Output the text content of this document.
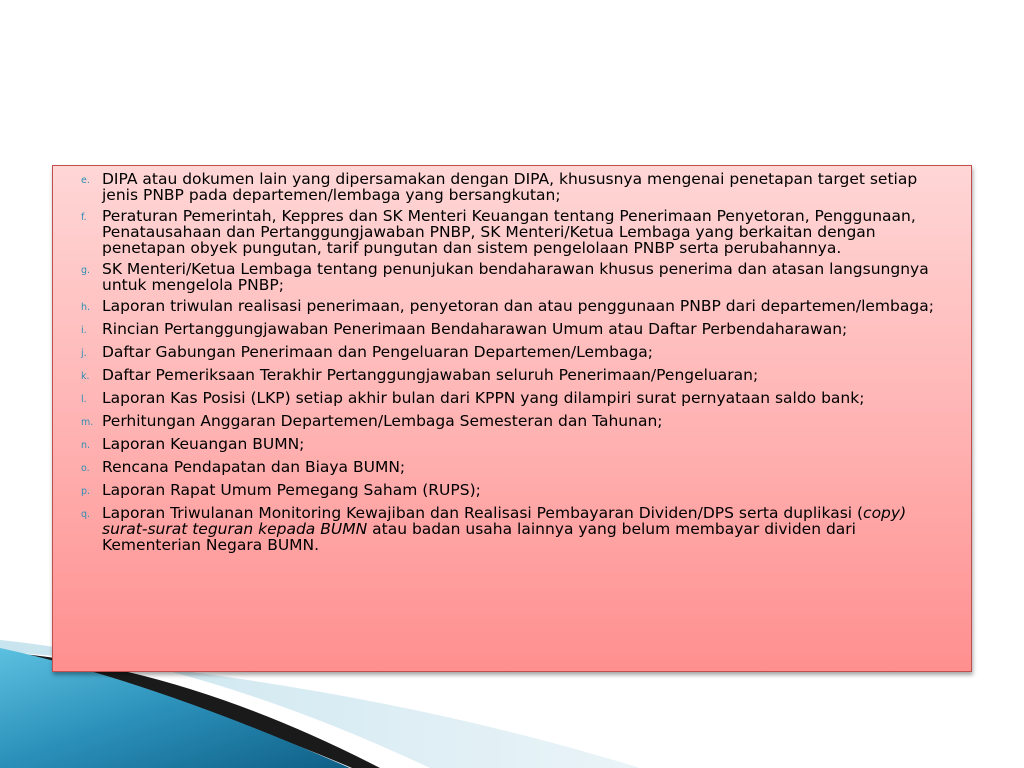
e. DIPA atau dokumen lain yang dipersamakan dengan DIPA, khususnya mengenai penetapan target setiap jenis PNBP pada departemen/lembaga yang bersangkutan;
f. Peraturan Pemerintah, Keppres dan SK Menteri Keuangan tentang Penerimaan Penyetoran, Penggunaan, Penatausahaan dan Pertanggungjawaban PNBP, SK Menteri/Ketua Lembaga yang berkaitan dengan penetapan obyek pungutan, tarif pungutan dan sistem pengelolaan PNBP serta perubahannya.
g. SK Menteri/Ketua Lembaga tentang penunjukan bendaharawan khusus penerima dan atasan langsungnya untuk mengelola PNBP;
h. Laporan triwulan realisasi penerimaan, penyetoran dan atau penggunaan PNBP dari departemen/lembaga;
i. Rincian Pertanggungjawaban Penerimaan Bendaharawan Umum atau Daftar Perbendaharawan;
j. Daftar Gabungan Penerimaan dan Pengeluaran Departemen/Lembaga;
k. Daftar Pemeriksaan Terakhir Pertanggungjawaban seluruh Penerimaan/Pengeluaran;
l. Laporan Kas Posisi (LKP) setiap akhir bulan dari KPPN yang dilampiri surat pernyataan saldo bank;
m. Perhitungan Anggaran Departemen/Lembaga Semesteran dan Tahunan;
n. Laporan Keuangan BUMN;
o. Rencana Pendapatan dan Biaya BUMN;
p. Laporan Rapat Umum Pemegang Saham (RUPS);
q. Laporan Triwulanan Monitoring Kewajiban dan Realisasi Pembayaran Dividen/DPS serta duplikasi (copy) surat-surat teguran kepada BUMN atau badan usaha lainnya yang belum membayar dividen dari Kementerian Negara BUMN.
